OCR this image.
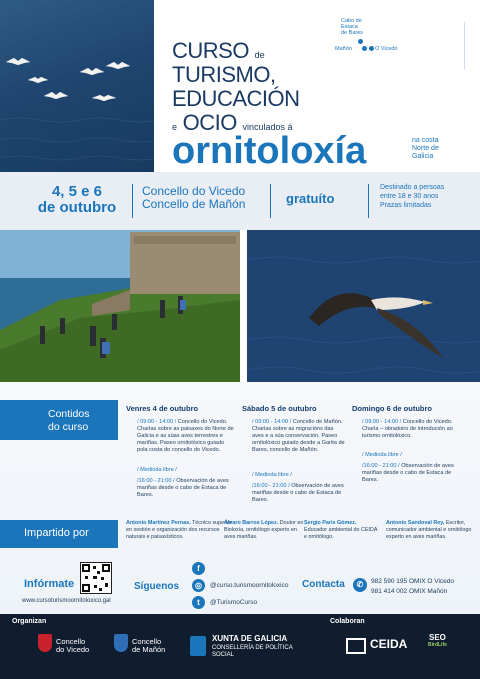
CURSO de
TURISMO,
EDUCACIÓN
e OCIO vinculados á
ornitoloxía	na costa
Norte de
Galicia
Cabo de
Estaca
de Bares
Mañón	O Vicedo
4, 5 e 6
de outubro
Concello do Vicedo
Concello de Mañón	gratuíto
Destinado a persoas
entre 18 e 30 anos
Prazas limitadas
Contidos
do curso
Venres 4 de outubro
/ 09:00 - 14:00 / Concello do Vicedo. Charlas sobre as paisaxes do Norte de Galicia e as súas aves terrestres e mariñas. Paseo ornitolóxico guiado pola costa do concello do Vicedo.
/ Medioda libre /
/16:00 - 21:00 / Observación de aves mariñas desde o cabo de Estaca de Bares.
Sábado 5 de outubro
/ 09:00 - 14:00 / Concello de Mañón. Charlas sobre as migracións das aves e a súa conservación. Paseo ornitolóxico guiado desde a Garita de Bares, concello de Mañón.
/ Medioda libre /
/16:00 - 21:00 / Observación de aves mariñas desde o cabo de Estaca de Bares.
Domingo 6 de outubro
/ 09:00 - 14:00 / Concello do Vicedo. Charla – obradoiro de introdución ao turismo ornitolóxico.
/ Medioda libre /
/16:00 - 21:00 / Observación de aves mariñas desde o cabo de Estaca de Bares.
Impartido por
Antonio Martínez Pernas. Técnico superior en xestión e organización dos recursos naturais e paisaxísticos.
Álvaro Barros López. Doutor en Bioloxía, ornitólogo experto en aves mariñas.
Sergio Paris Gómez. Educador ambiental do CEIDA e ornitólogo.
Antonio Sandoval Rey. Escritor, comunicador ambiental e ornitólogo experto en aves mariñas.
Infórmate
www.cursoturismoornitoloxico.gal
Síguenos
f
◎	@curso.turismoornitoloxico
t	@TurismoCurso
Contacta	✆	982 590 195 OMIX O Vicedo
981 414 002 OMIX Mañón
Organizan	Colaboran
Concello
do Vicedo
Concello
de Mañón
XUNTA DE GALICIA
CONSELLERÍA DE POLÍTICA
SOCIAL
CEIDA	SEO
BirdLife
